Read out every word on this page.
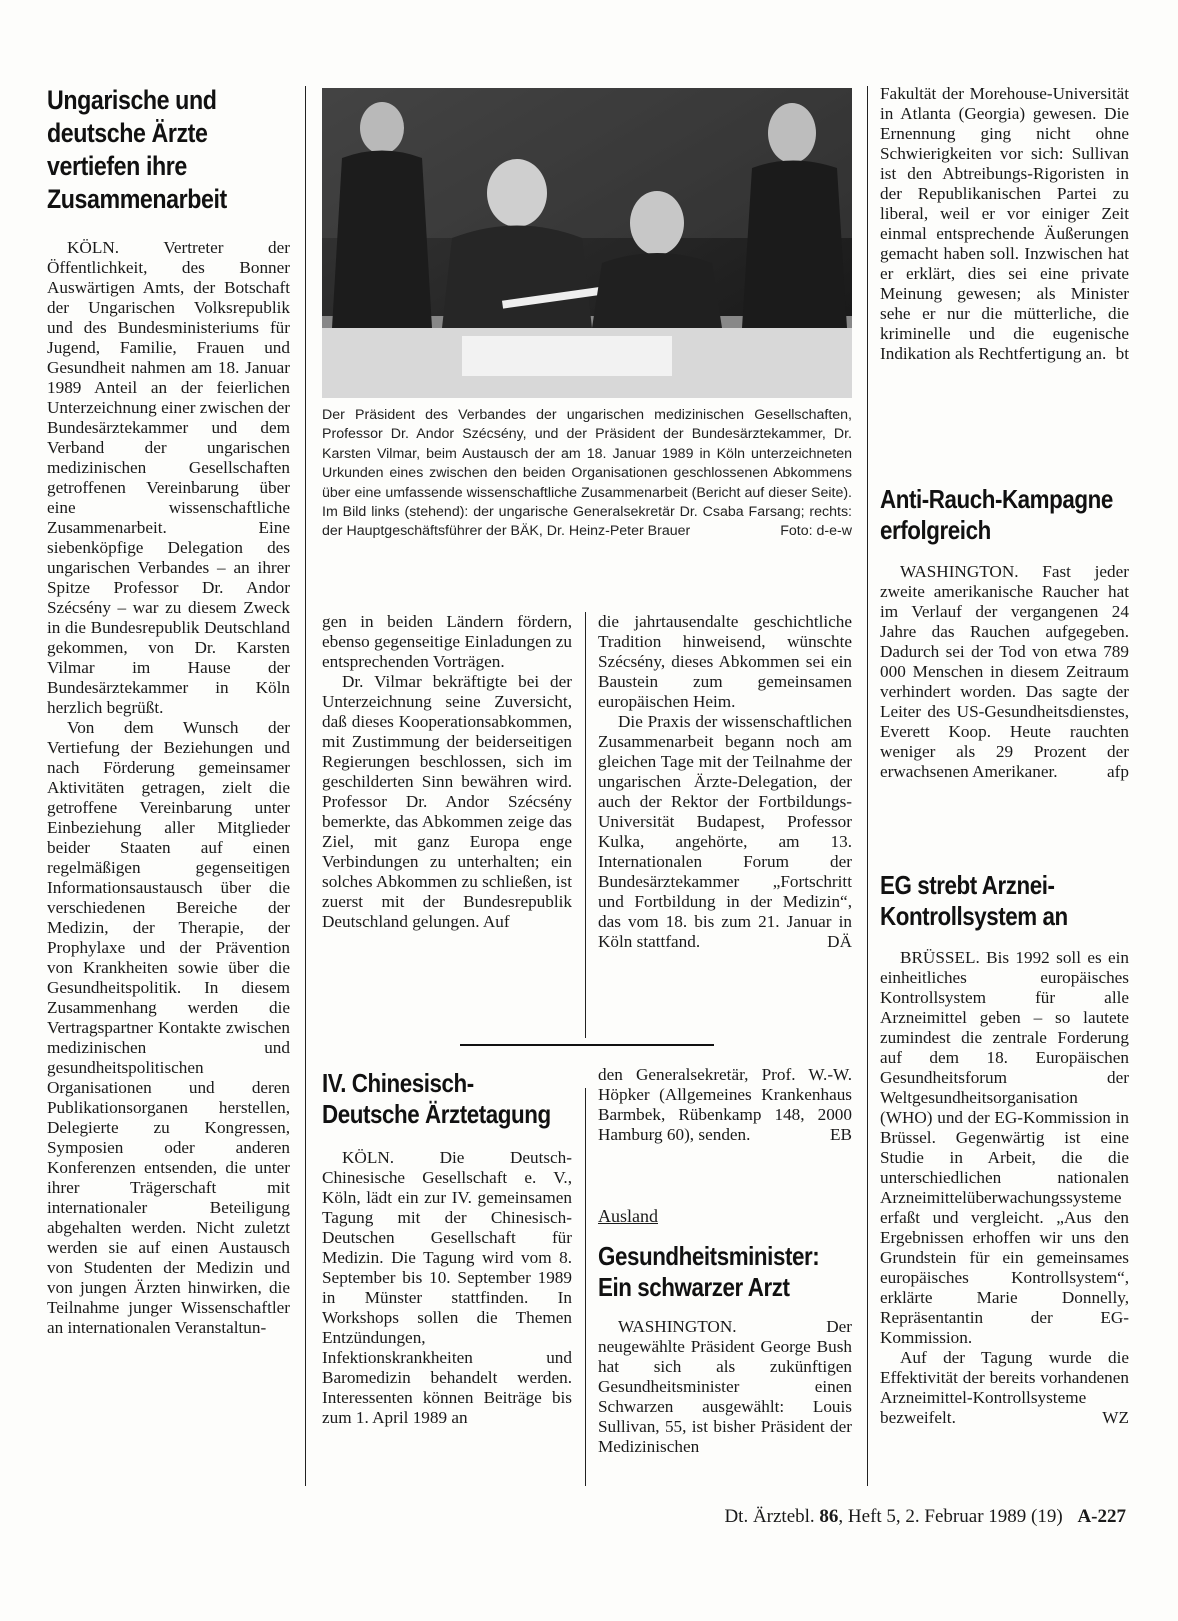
Ungarische und deutsche Ärzte vertiefen ihre Zusammenarbeit

KÖLN. Vertreter der Öffentlichkeit, des Bonner Auswärtigen Amts, der Botschaft der Ungarischen Volksrepublik und des Bundesministeriums für Jugend, Familie, Frauen und Gesundheit nahmen am 18. Januar 1989 Anteil an der feierlichen Unterzeichnung einer zwischen der Bundesärztekammer und dem Verband der ungarischen medizinischen Gesellschaften getroffenen Vereinbarung über eine wissenschaftliche Zusammenarbeit. Eine siebenköpfige Delegation des ungarischen Verbandes – an ihrer Spitze Professor Dr. Andor Szécsény – war zu diesem Zweck in die Bundesrepublik Deutschland gekommen, von Dr. Karsten Vilmar im Hause der Bundesärztekammer in Köln herzlich begrüßt.

Von dem Wunsch der Vertiefung der Beziehungen und nach Förderung gemeinsamer Aktivitäten getragen, zielt die getroffene Vereinbarung unter Einbeziehung aller Mitglieder beider Staaten auf einen regelmäßigen gegenseitigen Informationsaustausch über die verschiedenen Bereiche der Medizin, der Therapie, der Prophylaxe und der Prävention von Krankheiten sowie über die Gesundheitspolitik. In diesem Zusammenhang werden die Vertragspartner Kontakte zwischen medizinischen und gesundheitspolitischen Organisationen und deren Publikationsorganen herstellen, Delegierte zu Kongressen, Symposien oder anderen Konferenzen entsenden, die unter ihrer Trägerschaft mit internationaler Beteiligung abgehalten werden. Nicht zuletzt werden sie auf einen Austausch von Studenten der Medizin und von jungen Ärzten hinwirken, die Teilnahme junger Wissenschaftler an internationalen Veranstaltun-

Der Präsident des Verbandes der ungarischen medizinischen Gesellschaften, Professor Dr. Andor Szécsény, und der Präsident der Bundesärztekammer, Dr. Karsten Vilmar, beim Austausch der am 18. Januar 1989 in Köln unterzeichneten Urkunden eines zwischen den beiden Organisationen geschlossenen Abkommens über eine umfassende wissenschaftliche Zusammenarbeit (Bericht auf dieser Seite). Im Bild links (stehend): der ungarische Generalsekretär Dr. Csaba Farsang; rechts: der Hauptgeschäftsführer der BÄK, Dr. Heinz-Peter Brauer	Foto: d-e-w

gen in beiden Ländern fördern, ebenso gegenseitige Einladungen zu entsprechenden Vorträgen.

Dr. Vilmar bekräftigte bei der Unterzeichnung seine Zuversicht, daß dieses Kooperationsabkommen, mit Zustimmung der beiderseitigen Regierungen beschlossen, sich im geschilderten Sinn bewähren wird. Professor Dr. Andor Szécsény bemerkte, das Abkommen zeige das Ziel, mit ganz Europa enge Verbindungen zu unterhalten; ein solches Abkommen zu schließen, ist zuerst mit der Bundesrepublik Deutschland gelungen. Auf

die jahrtausendalte geschichtliche Tradition hinweisend, wünschte Szécsény, dieses Abkommen sei ein Baustein zum gemeinsamen europäischen Heim.

Die Praxis der wissenschaftlichen Zusammenarbeit begann noch am gleichen Tage mit der Teilnahme der ungarischen Ärzte-Delegation, der auch der Rektor der Fortbildungs-Universität Budapest, Professor Kulka, angehörte, am 13. Internationalen Forum der Bundesärztekammer „Fortschritt und Fortbildung in der Medizin“, das vom 18. bis zum 21. Januar in Köln stattfand.	DÄ

IV. Chinesisch-Deutsche Ärztetagung

KÖLN. Die Deutsch-Chinesische Gesellschaft e. V., Köln, lädt ein zur IV. gemeinsamen Tagung mit der Chinesisch-Deutschen Gesellschaft für Medizin. Die Tagung wird vom 8. September bis 10. September 1989 in Münster stattfinden. In Workshops sollen die Themen Entzündungen, Infektionskrankheiten und Baromedizin behandelt werden. Interessenten können Beiträge bis zum 1. April 1989 an

den Generalsekretär, Prof. W.-W. Höpker (Allgemeines Krankenhaus Barmbek, Rübenkamp 148, 2000 Hamburg 60), senden.	EB

Ausland

Gesundheitsminister: Ein schwarzer Arzt

WASHINGTON. Der neugewählte Präsident George Bush hat sich als zukünftigen Gesundheitsminister einen Schwarzen ausgewählt: Louis Sullivan, 55, ist bisher Präsident der Medizinischen

Fakultät der Morehouse-Universität in Atlanta (Georgia) gewesen. Die Ernennung ging nicht ohne Schwierigkeiten vor sich: Sullivan ist den Abtreibungs-Rigoristen in der Republikanischen Partei zu liberal, weil er vor einiger Zeit einmal entsprechende Äußerungen gemacht haben soll. Inzwischen hat er erklärt, dies sei eine private Meinung gewesen; als Minister sehe er nur die mütterliche, die kriminelle und die eugenische Indikation als Rechtfertigung an. bt

Anti-Rauch-Kampagne erfolgreich

WASHINGTON. Fast jeder zweite amerikanische Raucher hat im Verlauf der vergangenen 24 Jahre das Rauchen aufgegeben. Dadurch sei der Tod von etwa 789 000 Menschen in diesem Zeitraum verhindert worden. Das sagte der Leiter des US-Gesundheitsdienstes, Everett Koop. Heute rauchten weniger als 29 Prozent der erwachsenen Amerikaner.	afp

EG strebt Arznei-Kontrollsystem an

BRÜSSEL. Bis 1992 soll es ein einheitliches europäisches Kontrollsystem für alle Arzneimittel geben – so lautete zumindest die zentrale Forderung auf dem 18. Europäischen Gesundheitsforum der Weltgesundheitsorganisation (WHO) und der EG-Kommission in Brüssel. Gegenwärtig ist eine Studie in Arbeit, die die unterschiedlichen nationalen Arzneimittelüberwachungssysteme erfaßt und vergleicht. „Aus den Ergebnissen erhoffen wir uns den Grundstein für ein gemeinsames europäisches Kontrollsystem“, erklärte Marie Donnelly, Repräsentantin der EG-Kommission.

Auf der Tagung wurde die Effektivität der bereits vorhandenen Arzneimittel-Kontrollsysteme bezweifelt.	WZ

Dt. Ärztebl. 86, Heft 5, 2. Februar 1989 (19) A-227
